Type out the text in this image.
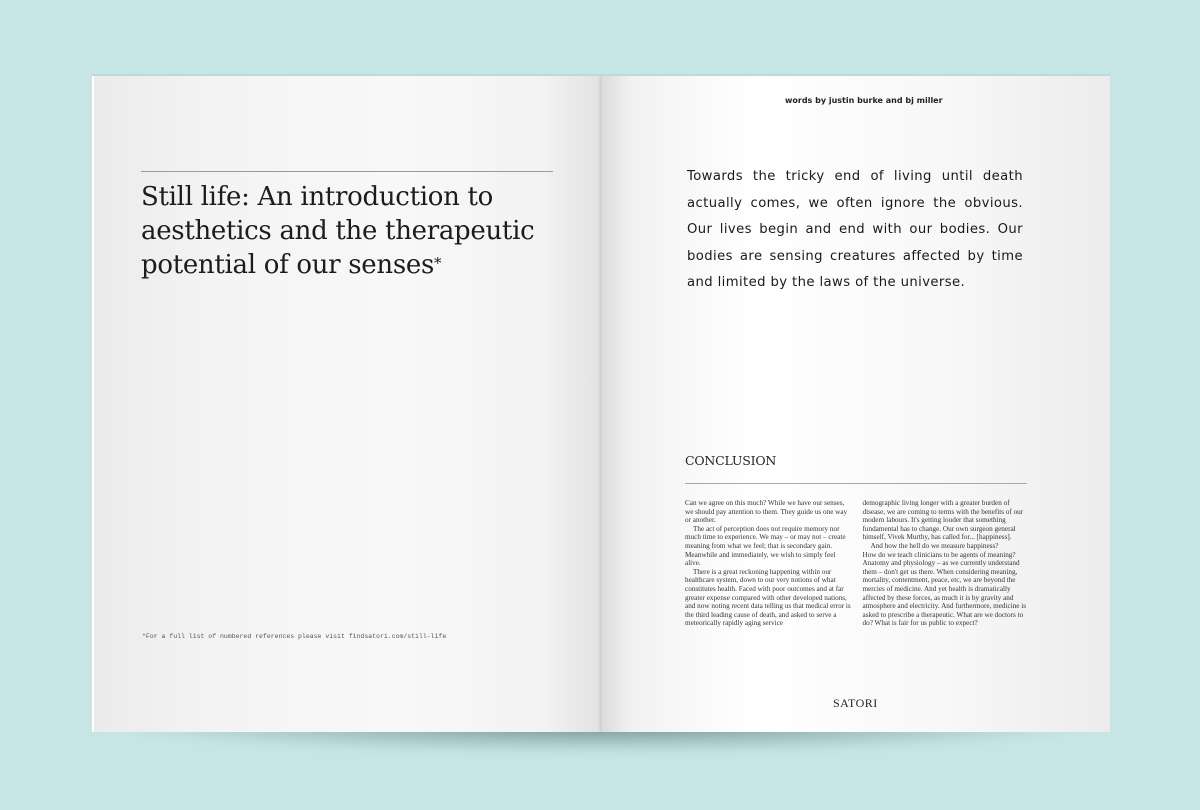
Still life: An introduction to aesthetics and the therapeutic potential of our senses*
*For a full list of numbered references please visit findsatori.com/still-life
words by justin burke and bj miller

Towards the tricky end of living until death actually comes, we often ignore the obvious. Our lives begin and end with our bodies. Our bodies are sensing creatures affected by time and limited by the laws of the universe.

CONCLUSION

Can we agree on this much? While we have our senses, we should pay attention to them. They guide us one way or another.

The act of perception does not require memory nor much time to experience. We may – or may not – create meaning from what we feel; that is secondary gain. Meanwhile and immediately, we wish to simply feel alive.

There is a great reckoning happening within our healthcare system, down to our very notions of what constitutes health. Faced with poor outcomes and at far greater expense compared with other developed nations, and now noting recent data telling us that medical error is the third leading cause of death, and asked to serve a meteorically rapidly aging service

demographic living longer with a greater burden of disease, we are coming to terms with the benefits of our modern labours. It's getting louder that something fundamental has to change. Our own surgeon general himself, Vivek Murthy, has called for... [happiness].

And how the hell do we measure happiness?

How do we teach clinicians to be agents of meaning? Anatomy and physiology – as we currently understand them – don't get us there. When considering meaning, mortality, contentment, peace, etc, we are beyond the mercies of medicine. And yet health is dramatically affected by these forces, as much it is by gravity and atmosphere and electricity. And furthermore, medicine is asked to prescribe a therapeutic. What are we doctors to do? What is fair for us public to expect?

SATORI
